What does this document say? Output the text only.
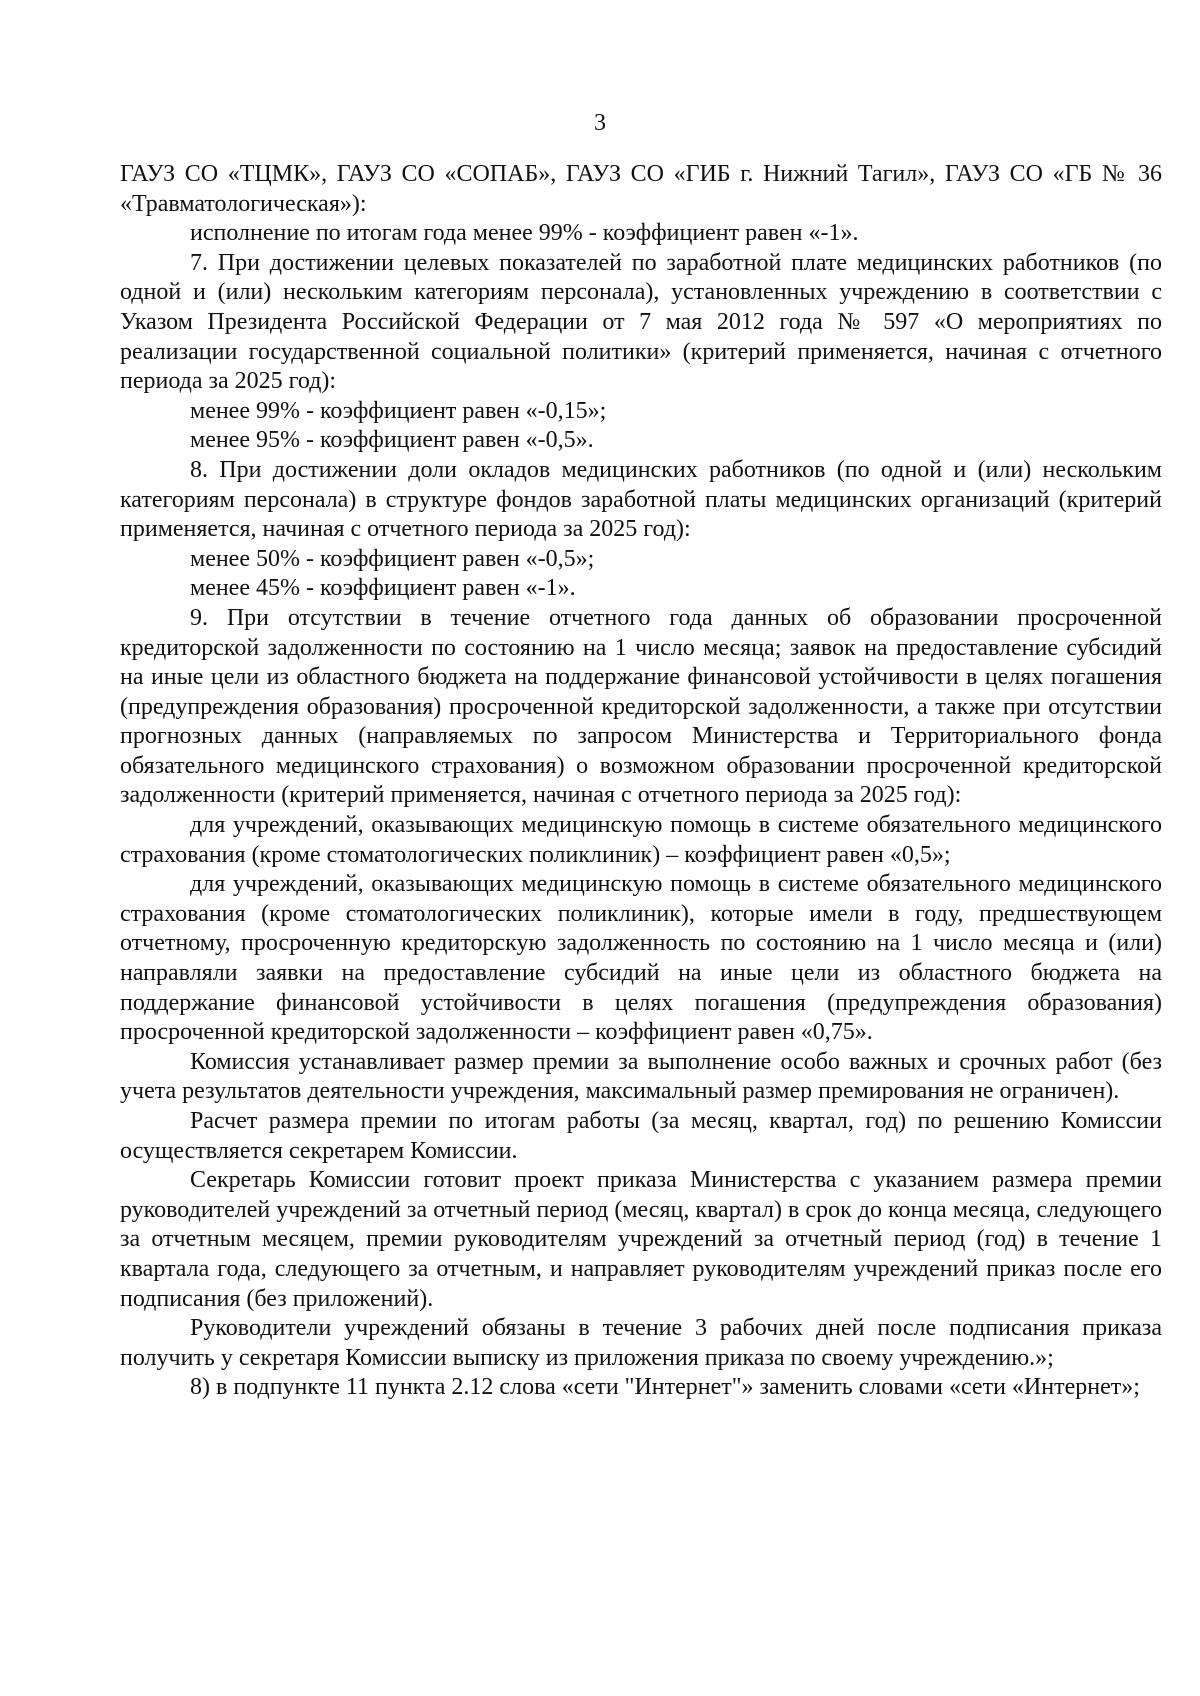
3

ГАУЗ СО «ТЦМК», ГАУЗ СО «СОПАБ», ГАУЗ СО «ГИБ г. Нижний Тагил», ГАУЗ СО «ГБ № 36 «Травматологическая»):

исполнение по итогам года менее 99% - коэффициент равен «-1».

7. При достижении целевых показателей по заработной плате медицинских работников (по одной и (или) нескольким категориям персонала), установленных учреждению в соответствии с Указом Президента Российской Федерации от 7 мая 2012 года № 597 «О мероприятиях по реализации государственной социальной политики» (критерий применяется, начиная с отчетного периода за 2025 год):

менее 99% - коэффициент равен «-0,15»;

менее 95% - коэффициент равен «-0,5».

8. При достижении доли окладов медицинских работников (по одной и (или) нескольким категориям персонала) в структуре фондов заработной платы медицинских организаций (критерий применяется, начиная с отчетного периода за 2025 год):

менее 50% - коэффициент равен «-0,5»;

менее 45% - коэффициент равен «-1».

9. При отсутствии в течение отчетного года данных об образовании просроченной кредиторской задолженности по состоянию на 1 число месяца; заявок на предоставление субсидий на иные цели из областного бюджета на поддержание финансовой устойчивости в целях погашения (предупреждения образования) просроченной кредиторской задолженности, а также при отсутствии прогнозных данных (направляемых по запросом Министерства и Территориального фонда обязательного медицинского страхования) о возможном образовании просроченной кредиторской задолженности (критерий применяется, начиная с отчетного периода за 2025 год):

для учреждений, оказывающих медицинскую помощь в системе обязательного медицинского страхования (кроме стоматологических поликлиник) – коэффициент равен «0,5»;

для учреждений, оказывающих медицинскую помощь в системе обязательного медицинского страхования (кроме стоматологических поликлиник), которые имели в году, предшествующем отчетному, просроченную кредиторскую задолженность по состоянию на 1 число месяца и (или) направляли заявки на предоставление субсидий на иные цели из областного бюджета на поддержание финансовой устойчивости в целях погашения (предупреждения образования) просроченной кредиторской задолженности – коэффициент равен «0,75».

Комиссия устанавливает размер премии за выполнение особо важных и срочных работ (без учета результатов деятельности учреждения, максимальный размер премирования не ограничен).

Расчет размера премии по итогам работы (за месяц, квартал, год) по решению Комиссии осуществляется секретарем Комиссии.

Секретарь Комиссии готовит проект приказа Министерства с указанием размера премии руководителей учреждений за отчетный период (месяц, квартал) в срок до конца месяца, следующего за отчетным месяцем, премии руководителям учреждений за отчетный период (год) в течение 1 квартала года, следующего за отчетным, и направляет руководителям учреждений приказ после его подписания (без приложений).

Руководители учреждений обязаны в течение 3 рабочих дней после подписания приказа получить у секретаря Комиссии выписку из приложения приказа по своему учреждению.»;

8) в подпункте 11 пункта 2.12 слова «сети "Интернет"» заменить словами «сети «Интернет»;
